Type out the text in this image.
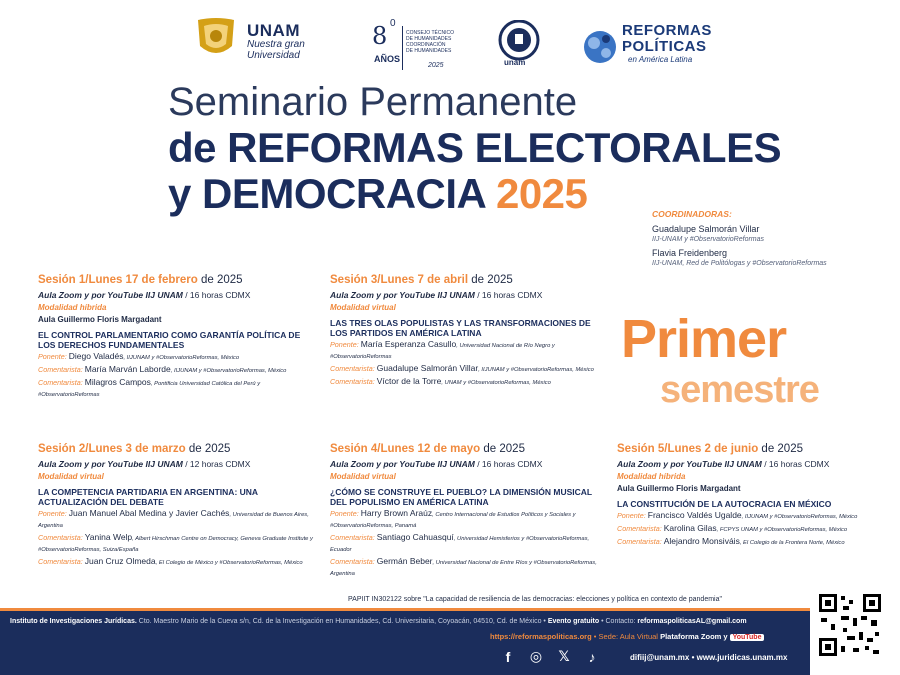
UNAM
Nuestra gran
Universidad
8 0
AÑOS
CONSEJO TÉCNICO
DE HUMANIDADES
COORDINACIÓN
DE HUMANIDADES
2025	unam
REFORMAS
POLÍTICAS
en América Latina
Seminario Permanente
de REFORMAS ELECTORALES
y DEMOCRACIA 2025	COORDINADORAS:
Guadalupe Salmorán Villar
IIJ-UNAM y #ObservatorioReformas
Flavia Freidenberg
IIJ-UNAM, Red de Politólogas y #ObservatorioReformas
Primer
semestre
Sesión 1/Lunes 17 de febrero de 2025
Aula Zoom y por YouTube IIJ UNAM / 16 horas CDMX
Modalidad híbrida
Aula Guillermo Floris Margadant
EL CONTROL PARLAMENTARIO COMO GARANTÍA POLÍTICA DE LOS DERECHOS FUNDAMENTALES
Ponente: Diego Valadés, IIJUNAM y #ObservatorioReformas, México
Comentarista: María Marván Laborde, IIJUNAM y #ObservatorioReformas, México
Comentarista: Milagros Campos, Pontificia Universidad Católica del Perú y #ObservatorioReformas
Sesión 3/Lunes 7 de abril de 2025
Aula Zoom y por YouTube IIJ UNAM / 16 horas CDMX
Modalidad virtual
LAS TRES OLAS POPULISTAS Y LAS TRANSFORMACIONES DE LOS PARTIDOS EN AMÉRICA LATINA
Ponente: María Esperanza Casullo, Universidad Nacional de Río Negro y #ObservatorioReformas
Comentarista: Guadalupe Salmorán Villar, IIJUNAM y #ObservatorioReformas, México
Comentarista: Víctor de la Torre, UNAM y #ObservatorioReformas, México
Sesión 2/Lunes 3 de marzo de 2025
Aula Zoom y por YouTube IIJ UNAM / 12 horas CDMX
Modalidad virtual
LA COMPETENCIA PARTIDARIA EN ARGENTINA: UNA ACTUALIZACIÓN DEL DEBATE
Ponente: Juan Manuel Abal Medina y Javier Cachés, Universidad de Buenos Aires, Argentina
Comentarista: Yanina Welp, Albert Hirschman Centre on Democracy, Geneva Graduate Institute y #ObservatorioReformas, Suiza/España
Comentarista: Juan Cruz Olmeda, El Colegio de México y #ObservatorioReformas, México
Sesión 4/Lunes 12 de mayo de 2025
Aula Zoom y por YouTube IIJ UNAM / 16 horas CDMX
Modalidad virtual
¿CÓMO SE CONSTRUYE EL PUEBLO? LA DIMENSIÓN MUSICAL DEL POPULISMO EN AMÉRICA LATINA
Ponente: Harry Brown Araúz, Centro Internacional de Estudios Políticos y Sociales y #ObservatorioReformas, Panamá
Comentarista: Santiago Cahuasquí, Universidad Hemisferios y #ObservatorioReformas, Ecuador
Comentarista: Germán Beber, Universidad Nacional de Entre Ríos y #ObservatorioReformas, Argentina
Sesión 5/Lunes 2 de junio de 2025
Aula Zoom y por YouTube IIJ UNAM / 16 horas CDMX
Modalidad híbrida
Aula Guillermo Floris Margadant
LA CONSTITUCIÓN DE LA AUTOCRACIA EN MÉXICO
Ponente: Francisco Valdés Ugalde, IIJUNAM y #ObservatorioReformas, México
Comentarista: Karolina Gilas, FCPYS UNAM y #ObservatorioReformas, México
Comentarista: Alejandro Monsiváis, El Colegio de la Frontera Norte, México
PAPIIT IN302122 sobre "La capacidad de resiliencia de las democracias: elecciones y política en contexto de pandemia"
Instituto de Investigaciones Jurídicas. Cto. Maestro Mario de la Cueva s/n, Cd. de la Investigación en Humanidades, Cd. Universitaria, Coyoacán, 04510, Cd. de México • Evento gratuito • Contacto: reformaspoliticasAL@gmail.com
https://reformaspoliticas.org • Sede: Aula Virtual Plataforma Zoom y YouTube
f	◎ 𝕏	♪	difiij@unam.mx • www.juridicas.unam.mx
